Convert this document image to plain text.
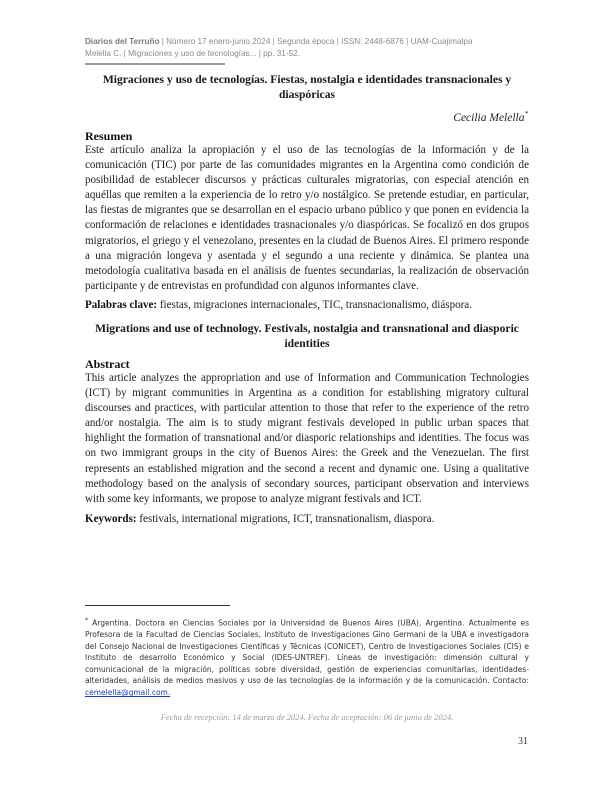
Diarios del Terruño | Número 17 enero-junio 2024 | Segunda época | ISSN: 2448-6876 | UAM-Cuajimalpa
Melella C. | Migraciones y uso de tecnologías... | pp. 31-52.
Migraciones y uso de tecnologías. Fiestas, nostalgia e identidades transnacionales y diaspóricas
Cecilia Melella*
Resumen
Este artículo analiza la apropiación y el uso de las tecnologías de la información y de la comunicación (TIC) por parte de las comunidades migrantes en la Argentina como condición de posibilidad de establecer discursos y prácticas culturales migratorias, con especial atención en aquéllas que remiten a la experiencia de lo retro y/o nostálgico. Se pretende estudiar, en particular, las fiestas de migrantes que se desarrollan en el espacio urbano público y que ponen en evidencia la conformación de relaciones e identidades trasnacionales y/o diaspóricas. Se focalizó en dos grupos migratorios, el griego y el venezolano, presentes en la ciudad de Buenos Aires. El primero responde a una migración longeva y asentada y el segundo a una reciente y dinámica. Se plantea una metodología cualitativa basada en el análisis de fuentes secundarias, la realización de observación participante y de entrevistas en profundidad con algunos informantes clave.
Palabras clave: fiestas, migraciones internacionales, TIC, transnacionalismo, diáspora.
Migrations and use of technology. Festivals, nostalgia and transnational and diasporic identities
Abstract
This article analyzes the appropriation and use of Information and Communication Technologies (ICT) by migrant communities in Argentina as a condition for establishing migratory cultural discourses and practices, with particular attention to those that refer to the experience of the retro and/or nostalgia. The aim is to study migrant festivals developed in public urban spaces that highlight the formation of transnational and/or diasporic relationships and identities. The focus was on two immigrant groups in the city of Buenos Aires: the Greek and the Venezuelan. The first represents an established migration and the second a recent and dynamic one. Using a qualitative methodology based on the analysis of secondary sources, participant observation and interviews with some key informants, we propose to analyze migrant festivals and ICT.
Keywords: festivals, international migrations, ICT, transnationalism, diaspora.
* Argentina. Doctora en Ciencias Sociales por la Universidad de Buenos Aires (UBA), Argentina. Actualmente es Profesora de la Facultad de Ciencias Sociales, Instituto de Investigaciones Gino Germani de la UBA e investigadora del Consejo Nacional de Investigaciones Científicas y Técnicas (CONICET), Centro de Investigaciones Sociales (CIS) e Instituto de desarrollo Económico y Social (IDES-UNTREF). Líneas de investigación: dimensión cultural y comunicacional de la migración, políticas sobre diversidad, gestión de experiencias comunitarias, identidades-alteridades, análisis de medios masivos y uso de las tecnologías de la información y de la comunicación. Contacto: cemelella@gmail.com.
Fecha de recepción: 14 de marzo de 2024. Fecha de aceptación: 06 de junio de 2024.
31
